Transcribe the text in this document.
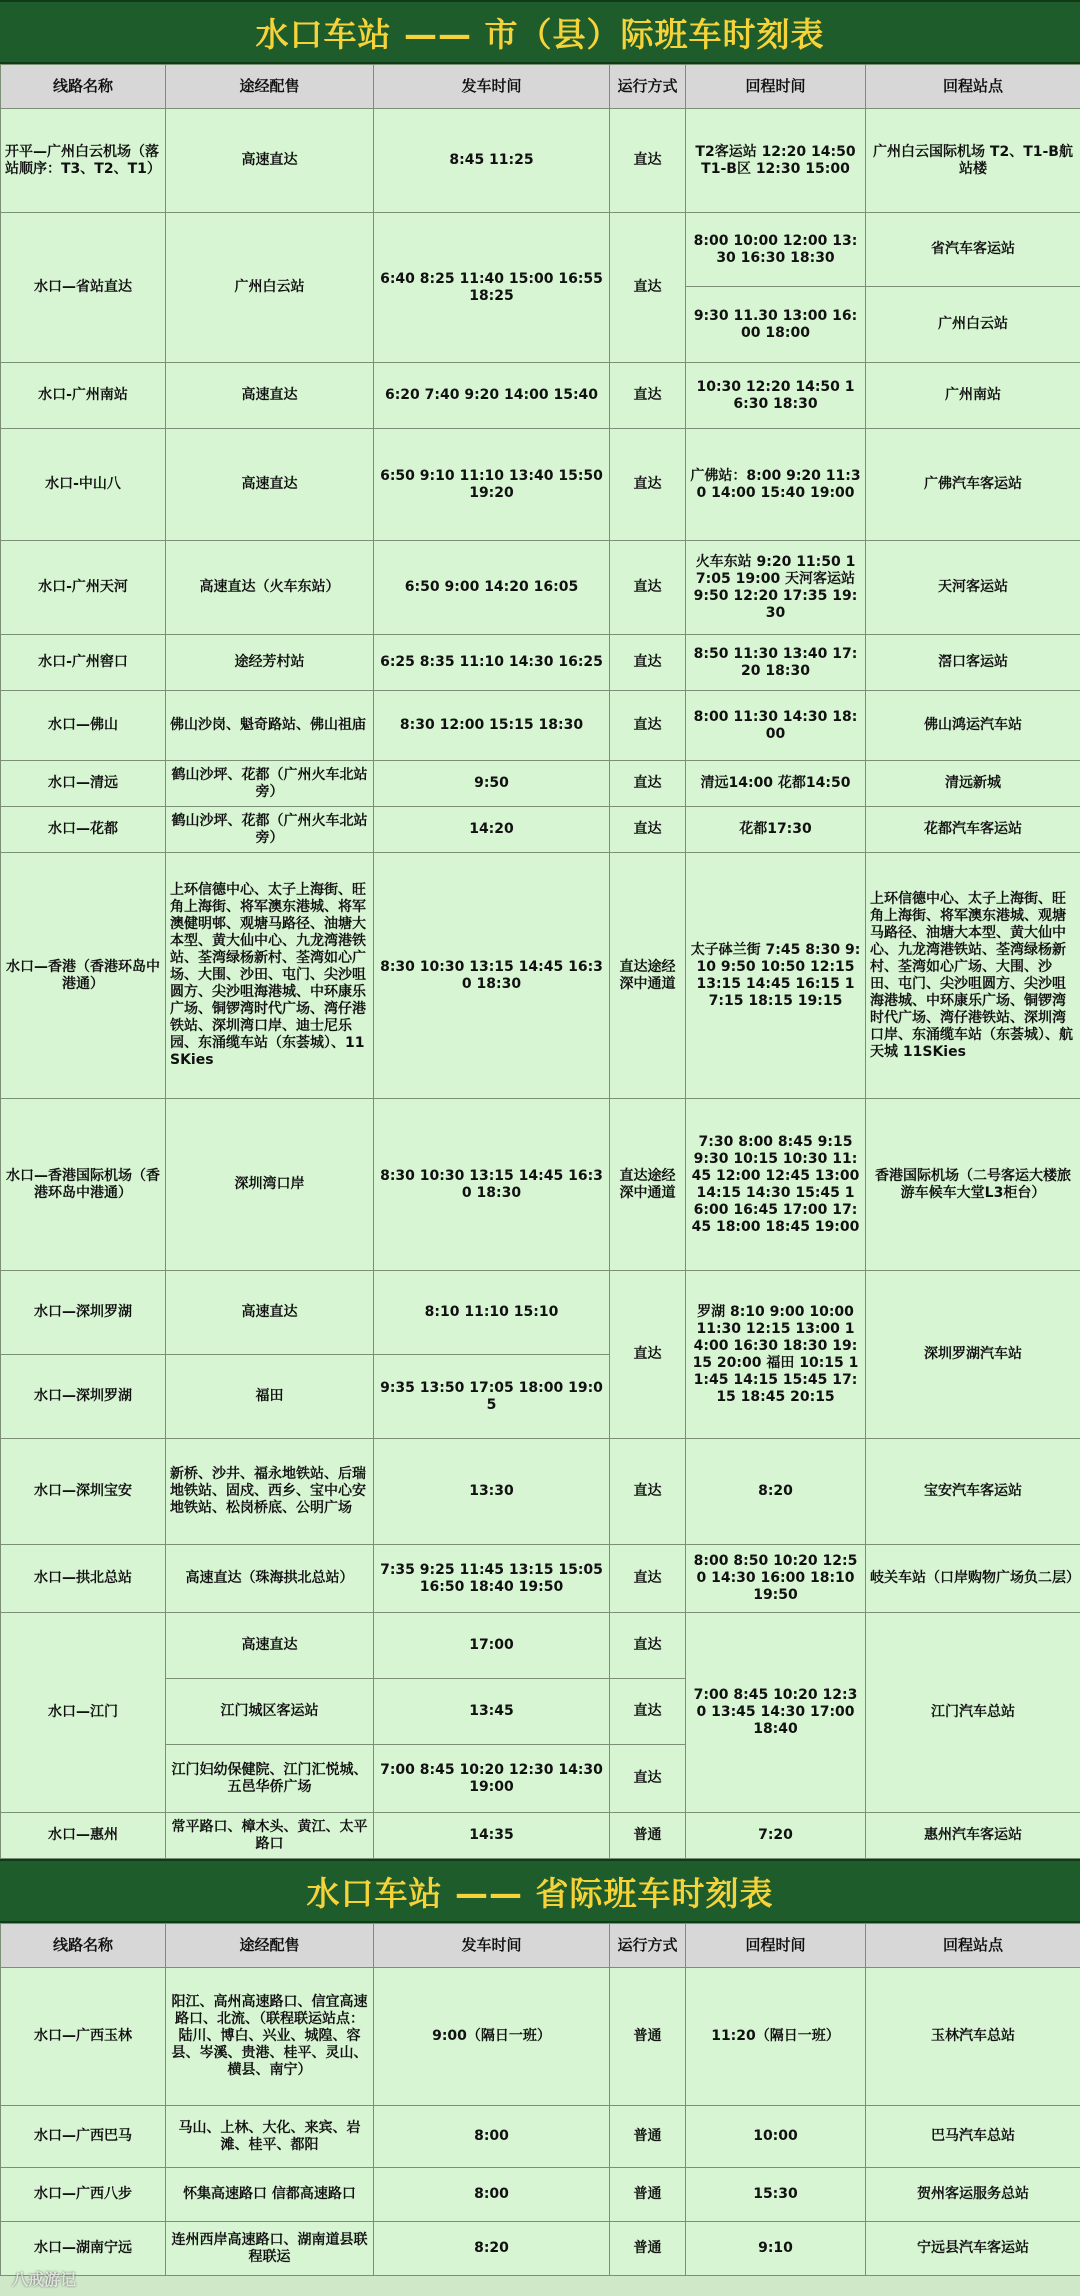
水口车站 —— 市（县）际班车时刻表
线路名称	途经配售	发车时间	运行方式	回程时间	回程站点
开平—广州白云机场（落站顺序：T3、T2、T1）	高速直达	8:45 11:25	直达	T2客运站 12:20 14:50 T1-B区 12:30 15:00	广州白云国际机场 T2、T1-B航站楼
水口—省站直达	广州白云站	6:40 8:25 11:40 15:00 16:55 18:25	直达	8:00 10:00 12:00 13:30 16:30 18:30	省汽车客运站
				9:30 11.30 13:00 16:00 18:00	广州白云站
水口-广州南站	高速直达	6:20 7:40 9:20 14:00 15:40	直达	10:30 12:20 14:50 16:30 18:30	广州南站
水口-中山八	高速直达	6:50 9:10 11:10 13:40 15:50 19:20	直达	广佛站：8:00 9:20 11:30 14:00 15:40 19:00	广佛汽车客运站
水口-广州天河	高速直达（火车东站）	6:50 9:00 14:20 16:05	直达	火车东站 9:20 11:50 17:05 19:00 天河客运站 9:50 12:20 17:35 19:30	天河客运站
水口-广州窖口	途经芳村站	6:25 8:35 11:10 14:30 16:25	直达	8:50 11:30 13:40 17:20 18:30	滘口客运站
水口—佛山	佛山沙岗、魁奇路站、佛山祖庙	8:30 12:00 15:15 18:30	直达	8:00 11:30 14:30 18:00	佛山鸿运汽车站
水口—清远	鹤山沙坪、花都（广州火车北站旁）	9:50	直达	清远14:00 花都14:50	清远新城
水口—花都	鹤山沙坪、花都（广州火车北站旁）	14:20	直达	花都17:30	花都汽车客运站
水口—香港（香港环岛中港通）	上环信德中心、太子上海街、旺角上海街、将军澳东港城、将军澳健明邨、观塘马路径、油塘大本型、黄大仙中心、九龙湾港铁站、荃湾绿杨新村、荃湾如心广场、大围、沙田、屯门、尖沙咀圆方、尖沙咀海港城、中环康乐广场、铜锣湾时代广场、湾仔港铁站、深圳湾口岸、迪士尼乐园、东涌缆车站（东荟城）、11SKies	8:30 10:30 13:15 14:45 16:30 18:30	直达途经深中通道	太子砵兰街 7:45 8:30 9:10 9:50 10:50 12:15 13:15 14:45 16:15 17:15 18:15 19:15	上环信德中心、太子上海街、旺角上海街、将军澳东港城、观塘马路径、油塘大本型、黄大仙中心、九龙湾港铁站、荃湾绿杨新村、荃湾如心广场、大围、沙田、屯门、尖沙咀圆方、尖沙咀海港城、中环康乐广场、铜锣湾时代广场、湾仔港铁站、深圳湾口岸、东涌缆车站（东荟城）、航天城 11SKies
水口—香港国际机场（香港环岛中港通）	深圳湾口岸	8:30 10:30 13:15 14:45 16:30 18:30	直达途经深中通道	7:30 8:00 8:45 9:15 9:30 10:15 10:30 11:45 12:00 12:45 13:00 14:15 14:30 15:45 16:00 16:45 17:00 17:45 18:00 18:45 19:00	香港国际机场（二号客运大楼旅游车候车大堂L3柜台）
水口—深圳罗湖	高速直达	8:10 11:10 15:10	直达	罗湖 8:10 9:00 10:00 11:30 12:15 13:00 14:00 16:30 18:30 19:15 20:00 福田 10:15 11:45 14:15 15:45 17:15 18:45 20:15	深圳罗湖汽车站
水口—深圳罗湖	福田	9:35 13:50 17:05 18:00 19:05			
水口—深圳宝安	新桥、沙井、福永地铁站、后瑞地铁站、固戍、西乡、宝中心安地铁站、松岗桥底、公明广场	13:30	直达	8:20	宝安汽车客运站
水口—拱北总站	高速直达（珠海拱北总站）	7:35 9:25 11:45 13:15 15:05 16:50 18:40 19:50	直达	8:00 8:50 10:20 12:50 14:30 16:00 18:10 19:50	岐关车站（口岸购物广场负二层）
水口—江门	高速直达	17:00	直达	7:00 8:45 10:20 12:30 13:45 14:30 17:00 18:40	江门汽车总站
	江门城区客运站	13:45	直达		
	江门妇幼保健院、江门汇悦城、五邑华侨广场	7:00 8:45 10:20 12:30 14:30 19:00	直达		
水口—惠州	常平路口、樟木头、黄江、太平路口	14:35	普通	7:20	惠州汽车客运站
水口车站 —— 省际班车时刻表
线路名称	途经配售	发车时间	运行方式	回程时间	回程站点
水口—广西玉林	阳江、高州高速路口、信宜高速路口、北流、（联程联运站点：陆川、博白、兴业、城隍、容县、岑溪、贵港、桂平、灵山、横县、南宁）	9:00（隔日一班）	普通	11:20（隔日一班）	玉林汽车总站
水口—广西巴马	马山、上林、大化、来宾、岩滩、桂平、都阳	8:00	普通	10:00	巴马汽车总站
水口—广西八步	怀集高速路口 信都高速路口	8:00	普通	15:30	贺州客运服务总站
水口—湖南宁远	连州西岸高速路口、湖南道县联程联运	8:20	普通	9:10	宁远县汽车客运站
八戒游记
